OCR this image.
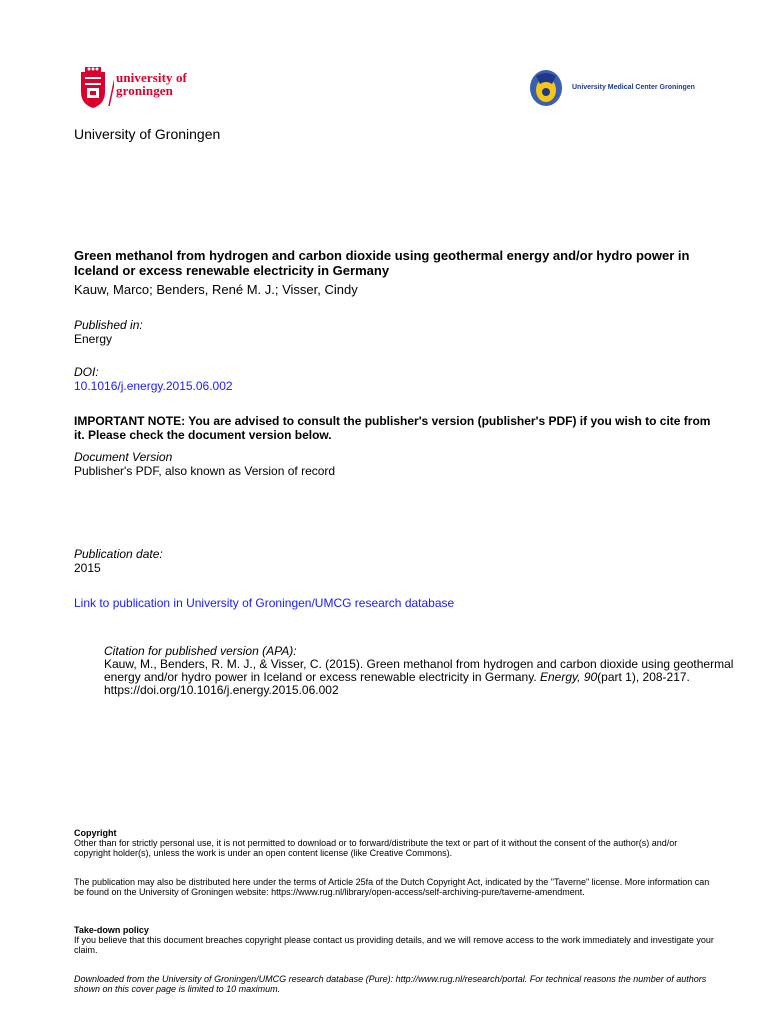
university of
groningen	University Medical Center Groningen
University of Groningen
Green methanol from hydrogen and carbon dioxide using geothermal energy and/or hydro power in Iceland or excess renewable electricity in Germany
Kauw, Marco; Benders, René M. J.; Visser, Cindy
Published in:
Energy
DOI:
10.1016/j.energy.2015.06.002
IMPORTANT NOTE: You are advised to consult the publisher's version (publisher's PDF) if you wish to cite from it. Please check the document version below.
Document Version
Publisher's PDF, also known as Version of record
Publication date:
2015
Link to publication in University of Groningen/UMCG research database
Citation for published version (APA):
Kauw, M., Benders, R. M. J., & Visser, C. (2015). Green methanol from hydrogen and carbon dioxide using geothermal energy and/or hydro power in Iceland or excess renewable electricity in Germany. Energy, 90(part 1), 208-217. https://doi.org/10.1016/j.energy.2015.06.002
Copyright
Other than for strictly personal use, it is not permitted to download or to forward/distribute the text or part of it without the consent of the author(s) and/or copyright holder(s), unless the work is under an open content license (like Creative Commons).
The publication may also be distributed here under the terms of Article 25fa of the Dutch Copyright Act, indicated by the "Taverne" license. More information can be found on the University of Groningen website: https://www.rug.nl/library/open-access/self-archiving-pure/taverne-amendment.
Take-down policy
If you believe that this document breaches copyright please contact us providing details, and we will remove access to the work immediately and investigate your claim.
Downloaded from the University of Groningen/UMCG research database (Pure): http://www.rug.nl/research/portal. For technical reasons the number of authors shown on this cover page is limited to 10 maximum.
